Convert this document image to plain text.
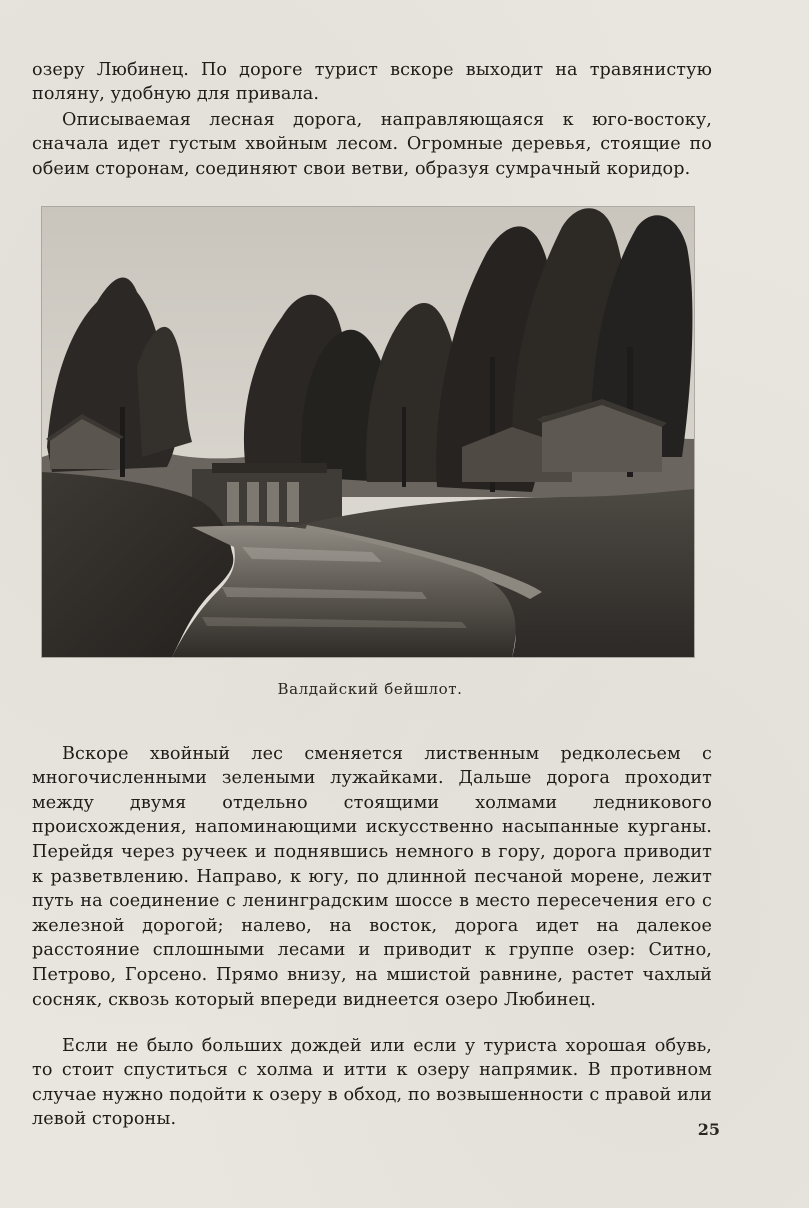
озеру Любинец. По дороге турист вскоре выходит на травянистую поляну, удобную для привала.

Описываемая лесная дорога, направляющаяся к юго-востоку, сначала идет густым хвойным лесом. Огромные деревья, стоящие по обеим сторонам, соединяют свои ветви, образуя сумрачный коридор.

Валдайский бейшлот.

Вскоре хвойный лес сменяется лиственным редколесьем с многочисленными зелеными лужайками. Дальше дорога проходит между двумя отдельно стоящими холмами ледникового происхождения, напоминающими искусственно насыпанные курганы. Перейдя через ручеек и поднявшись немного в гору, дорога приводит к разветвлению. Направо, к югу, по длинной песчаной морене, лежит путь на соединение с ленинградским шоссе в место пересечения его с железной дорогой; налево, на восток, дорога идет на далекое расстояние сплошными лесами и приводит к группе озер: Ситно, Петрово, Горсено. Прямо внизу, на мшистой равнине, растет чахлый сосняк, сквозь который впереди виднеется озеро Любинец.

Если не было больших дождей или если у туриста хорошая обувь, то стоит спуститься с холма и итти к озеру напрямик. В противном случае нужно подойти к озеру в обход, по возвышенности с правой или левой стороны.

25
